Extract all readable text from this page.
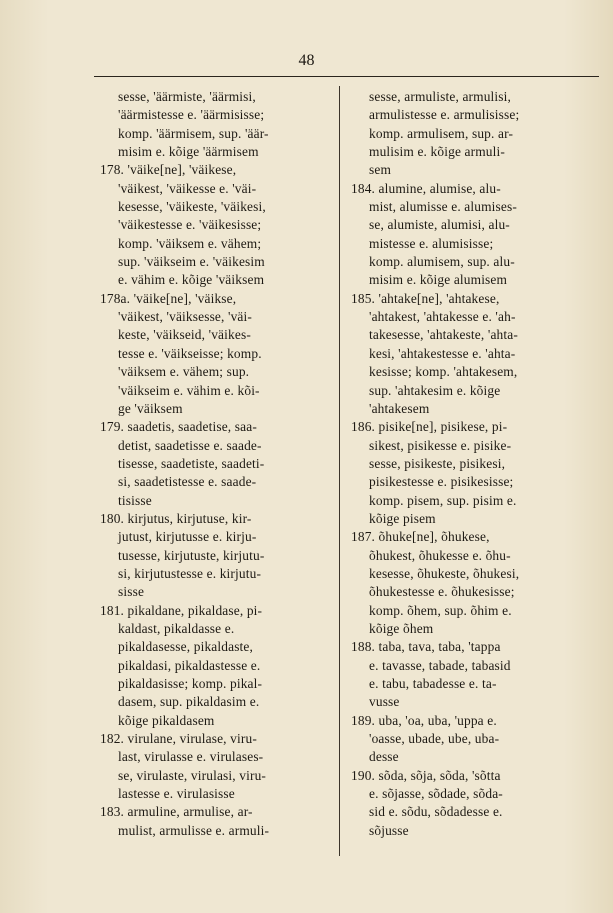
48
sesse, 'äärmiste, 'äärmisi,
'äärmistesse e. 'äärmisisse;
komp. 'äärmisem, sup. 'äär-
misim e. kõige 'äärmisem
178. 'väike[ne], 'väikese,
'väikest, 'väikesse e. 'väi-
kesesse, 'väikeste, 'väikesi,
'väikestesse e. 'väikesisse;
komp. 'väiksem e. vähem;
sup. 'väikseim e. 'väikesim
e. vähim e. kõige 'väiksem
178a. 'väike[ne], 'väikse,
'väikest, 'väiksesse, 'väi-
keste, 'väikseid, 'väikes-
tesse e. 'väikseisse; komp.
'väiksem e. vähem; sup.
'väikseim e. vähim e. kõi-
ge 'väiksem
179. saadetis, saadetise, saa-
detist, saadetisse e. saade-
tisesse, saadetiste, saadeti-
si, saadetistesse e. saade-
tisisse
180. kirjutus, kirjutuse, kir-
jutust, kirjutusse e. kirju-
tusesse, kirjutuste, kirjutu-
si, kirjutustesse e. kirjutu-
sisse
181. pikaldane, pikaldase, pi-
kaldast, pikaldasse e.
pikaldasesse, pikaldaste,
pikaldasi, pikaldastesse e.
pikaldasisse; komp. pikal-
dasem, sup. pikaldasim e.
kõige pikaldasem
182. virulane, virulase, viru-
last, virulasse e. virulases-
se, virulaste, virulasi, viru-
lastesse e. virulasisse
183. armuline, armulise, ar-
mulist, armulisse e. armuli-
sesse, armuliste, armulisi,
armulistesse e. armulisisse;
komp. armulisem, sup. ar-
mulisim e. kõige armuli-
sem
184. alumine, alumise, alu-
mist, alumisse e. alumises-
se, alumiste, alumisi, alu-
mistesse e. alumisisse;
komp. alumisem, sup. alu-
misim e. kõige alumisem
185. 'ahtake[ne], 'ahtakese,
'ahtakest, 'ahtakesse e. 'ah-
takesesse, 'ahtakeste, 'ahta-
kesi, 'ahtakestesse e. 'ahta-
kesisse; komp. 'ahtakesem,
sup. 'ahtakesim e. kõige
'ahtakesem
186. pisike[ne], pisikese, pi-
sikest, pisikesse e. pisike-
sesse, pisikeste, pisikesi,
pisikestesse e. pisikesisse;
komp. pisem, sup. pisim e.
kõige pisem
187. õhuke[ne], õhukese,
õhukest, õhukesse e. õhu-
kesesse, õhukeste, õhukesi,
õhukestesse e. õhukesisse;
komp. õhem, sup. õhim e.
kõige õhem
188. taba, tava, taba, 'tappa
e. tavasse, tabade, tabasid
e. tabu, tabadesse e. ta-
vusse
189. uba, 'oa, uba, 'uppa e.
'oasse, ubade, ube, uba-
desse
190. sõda, sõja, sõda, 'sõtta
e. sõjasse, sõdade, sõda-
sid e. sõdu, sõdadesse e.
sõjusse
